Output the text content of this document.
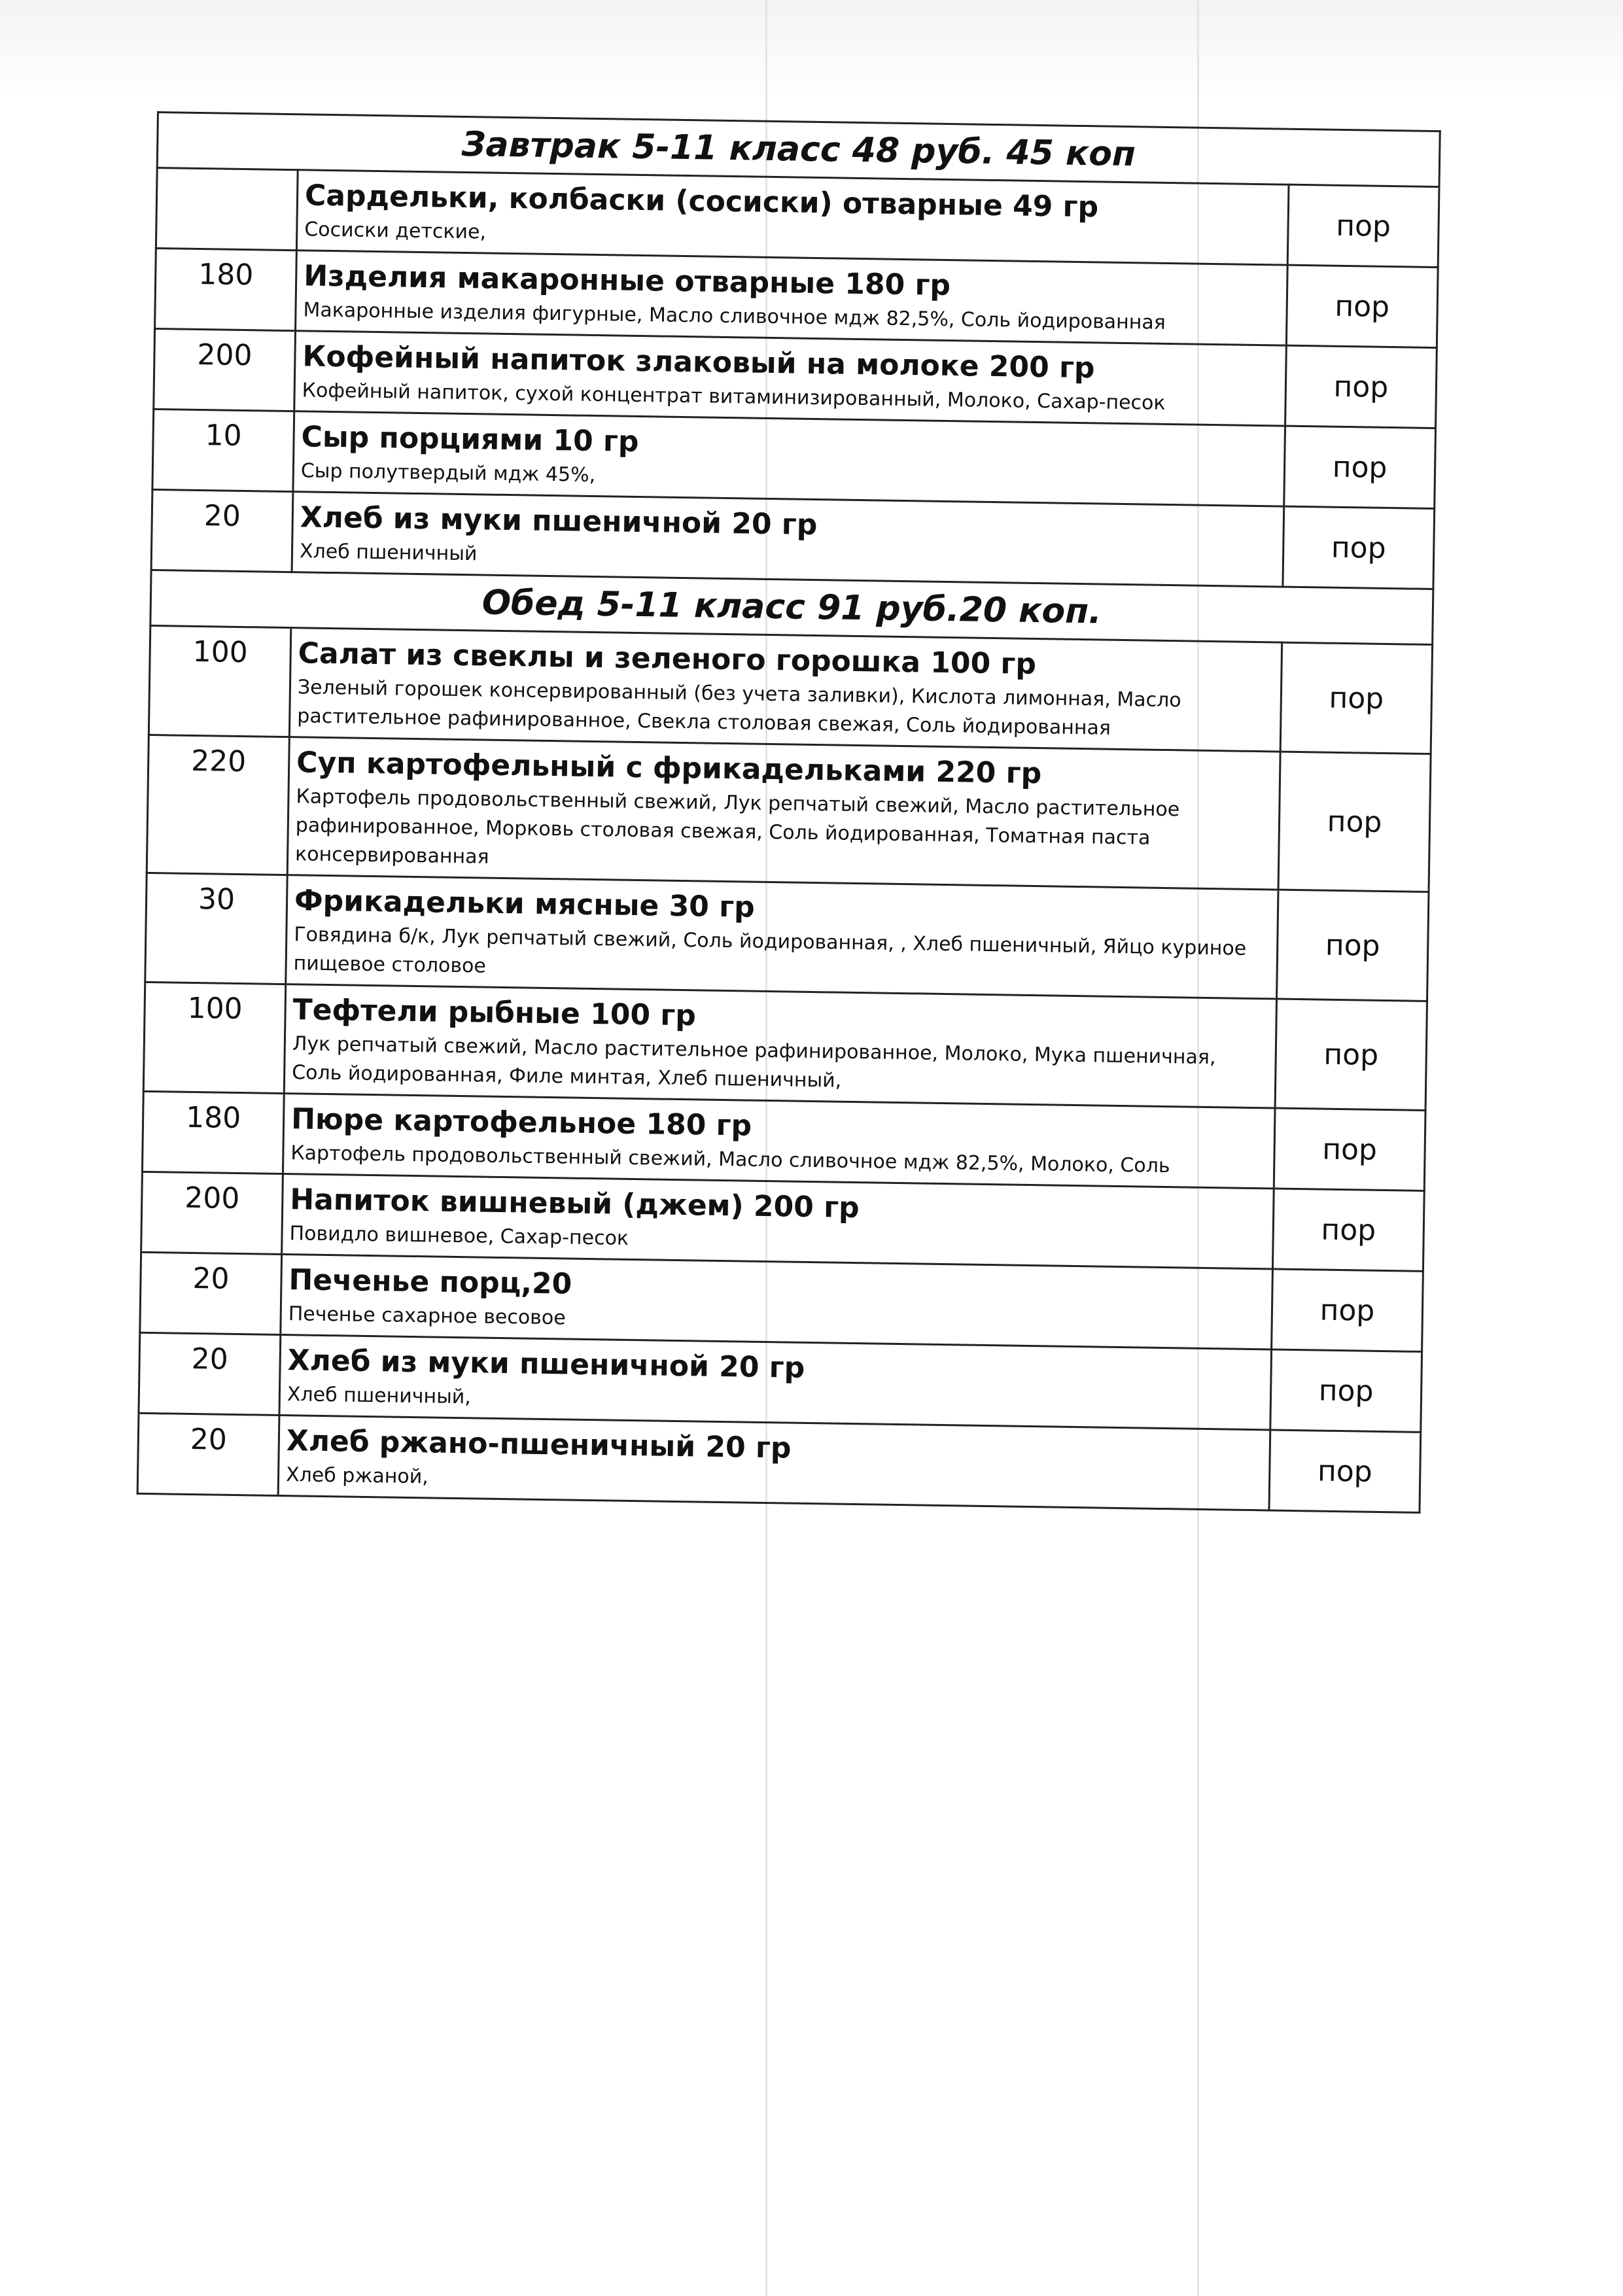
Завтрак 5-11 класс 48 руб. 45 коп		

	Сардельки, колбаски (сосиски) отварные 49 гр
Сосиски детские,	пор
180	Изделия макаронные отварные 180 гр
Макаронные изделия фигурные, Масло сливочное мдж 82,5%, Соль йодированная	пор
200	Кофейный напиток злаковый на молоке 200 гр
Кофейный напиток, сухой концентрат витаминизированный, Молоко, Сахар-песок	пор
10	Сыр порциями 10 гр
Сыр полутвердый мдж 45%,	пор
20	Хлеб из муки пшеничной 20 гр
Хлеб пшеничный	пор
Обед 5-11 класс 91 руб.20 коп.		
100	Салат из свеклы и зеленого горошка 100 гр
Зеленый горошек консервированный (без учета заливки), Кислота лимонная, Масло растительное рафинированное, Свекла столовая свежая, Соль йодированная	пор
220	Суп картофельный с фрикадельками 220 гр
Картофель продовольственный свежий, Лук репчатый свежий, Масло растительное рафинированное, Морковь столовая свежая, Соль йодированная, Томатная паста консервированная	пор
30	Фрикадельки мясные 30 гр
Говядина б/к, Лук репчатый свежий, Соль йодированная, , Хлеб пшеничный, Яйцо куриное пищевое столовое	пор
100	Тефтели рыбные 100 гр
Лук репчатый свежий, Масло растительное рафинированное, Молоко, Мука пшеничная, Соль йодированная, Филе минтая, Хлеб пшеничный,	пор
180	Пюре картофельное 180 гр
Картофель продовольственный свежий, Масло сливочное мдж 82,5%, Молоко, Соль	пор
200	Напиток вишневый (джем) 200 гр
Повидло вишневое, Сахар-песок	пор
20	Печенье порц,20
Печенье сахарное весовое	пор
20	Хлеб из муки пшеничной 20 гр
Хлеб пшеничный,	пор
20	Хлеб ржано-пшеничный 20 гр
Хлеб ржаной,	пор
